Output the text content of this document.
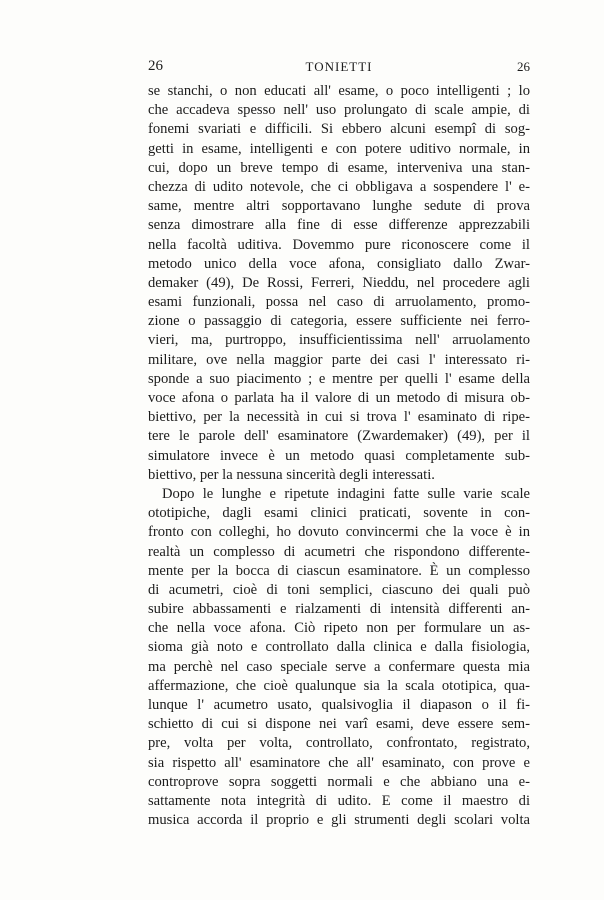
26	TONIETTI	26
se stanchi, o non educati all' esame, o poco intelligenti ; lo
che accadeva spesso nell' uso prolungato di scale ampie, di
fonemi svariati e difficili. Si ebbero alcuni esempî di sog-
getti in esame, intelligenti e con potere uditivo normale, in
cui, dopo un breve tempo di esame, interveniva una stan-
chezza di udito notevole, che ci obbligava a sospendere l' e-
same, mentre altri sopportavano lunghe sedute di prova
senza dimostrare alla fine di esse differenze apprezzabili
nella facoltà uditiva. Dovemmo pure riconoscere come il
metodo unico della voce afona, consigliato dallo Zwar-
demaker (49), De Rossi, Ferreri, Nieddu, nel procedere agli
esami funzionali, possa nel caso di arruolamento, promo-
zione o passaggio di categoria, essere sufficiente nei ferro-
vieri, ma, purtroppo, insufficientissima nell' arruolamento
militare, ove nella maggior parte dei casi l' interessato ri-
sponde a suo piacimento ; e mentre per quelli l' esame della
voce afona o parlata ha il valore di un metodo di misura ob-
biettivo, per la necessità in cui si trova l' esaminato di ripe-
tere le parole dell' esaminatore (Zwardemaker) (49), per il
simulatore invece è un metodo quasi completamente sub-
biettivo, per la nessuna sincerità degli interessati.
Dopo le lunghe e ripetute indagini fatte sulle varie scale
ototipiche, dagli esami clinici praticati, sovente in con-
fronto con colleghi, ho dovuto convincermi che la voce è in
realtà un complesso di acumetri che rispondono differente-
mente per la bocca di ciascun esaminatore. È un complesso
di acumetri, cioè di toni semplici, ciascuno dei quali può
subire abbassamenti e rialzamenti di intensità differenti an-
che nella voce afona. Ciò ripeto non per formulare un as-
sioma già noto e controllato dalla clinica e dalla fisiologia,
ma perchè nel caso speciale serve a confermare questa mia
affermazione, che cioè qualunque sia la scala ototipica, qua-
lunque l' acumetro usato, qualsivoglia il diapason o il fi-
schietto di cui si dispone nei varî esami, deve essere sem-
pre, volta per volta, controllato, confrontato, registrato,
sia rispetto all' esaminatore che all' esaminato, con prove e
controprove sopra soggetti normali e che abbiano una e-
sattamente nota integrità di udito. E come il maestro di
musica accorda il proprio e gli strumenti degli scolari volta
